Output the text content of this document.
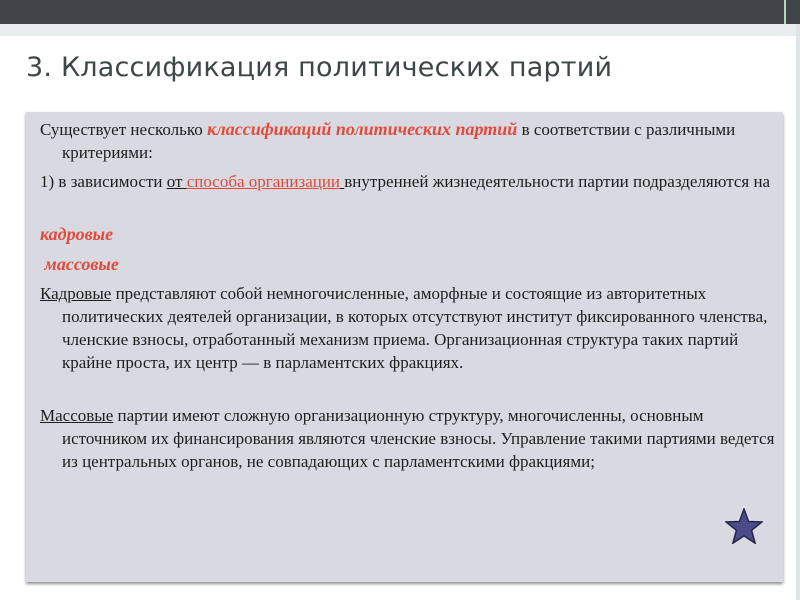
3. Классификация политических партий
Существует несколько классификаций политических партий в соответствии с различными критериями:
1) в зависимости от способа организации внутренней жизнедеятельности партии подразделяются на
кадровые
массовые
Кадровые представляют собой немногочисленные, аморфные и состоящие из авторитетных политических деятелей организации, в которых отсутствуют институт фиксированного членства, членские взносы, отработанный механизм приема. Организационная структура таких партий крайне проста, их центр — в парламентских фракциях.
Массовые партии имеют сложную организационную структуру, многочисленны, основным источником их финансирования являются членские взносы. Управление такими партиями ведется из центральных органов, не совпадающих с парламентскими фракциями;
